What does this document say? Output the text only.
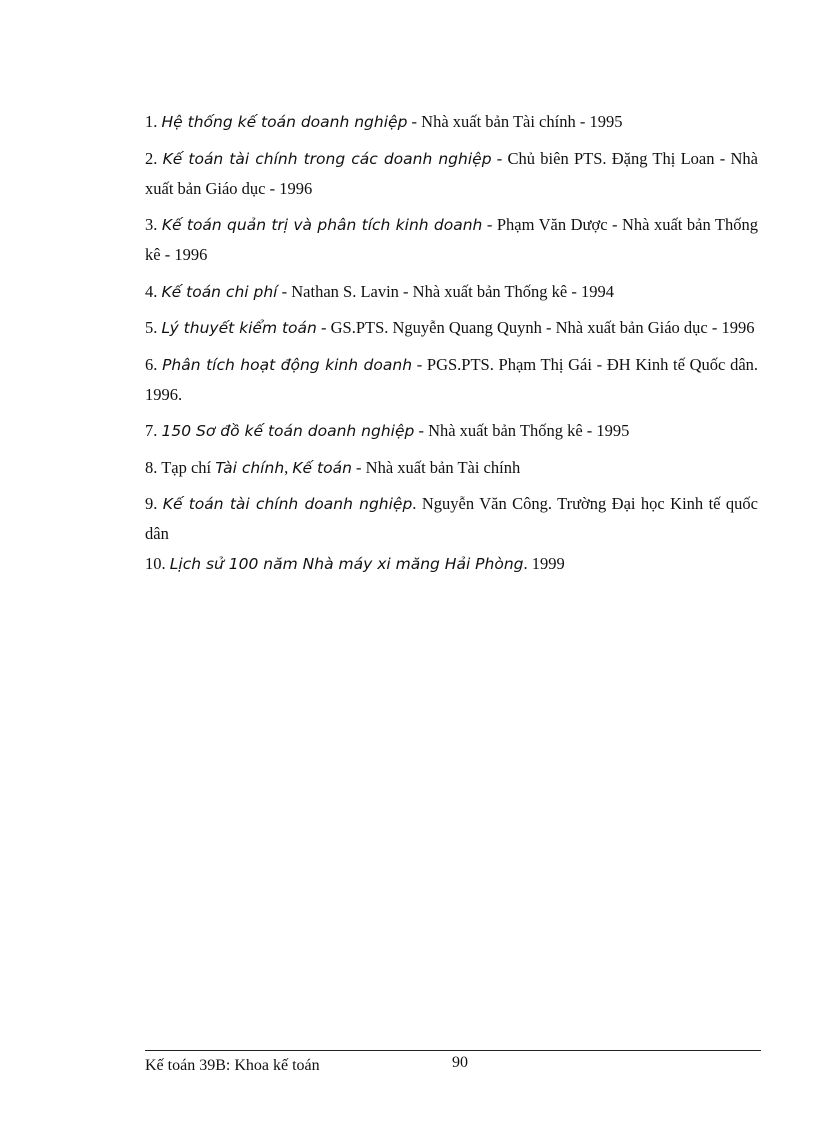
1. Hệ thống kế toán doanh nghiệp - Nhà xuất bản Tài chính - 1995

2. Kế toán tài chính trong các doanh nghiệp - Chủ biên PTS. Đặng Thị Loan - Nhà xuất bản Giáo dục - 1996

3. Kế toán quản trị và phân tích kinh doanh - Phạm Văn Dược - Nhà xuất bản Thống kê - 1996

4. Kế toán chi phí - Nathan S. Lavin - Nhà xuất bản Thống kê - 1994

5. Lý thuyết kiểm toán - GS.PTS. Nguyễn Quang Quynh - Nhà xuất bản Giáo dục - 1996

6. Phân tích hoạt động kinh doanh - PGS.PTS. Phạm Thị Gái - ĐH Kinh tế Quốc dân. 1996.

7. 150 Sơ đồ kế toán doanh nghiệp - Nhà xuất bản Thống kê - 1995

8. Tạp chí Tài chính, Kế toán - Nhà xuất bản Tài chính

9. Kế toán tài chính doanh nghiệp. Nguyễn Văn Công. Trường Đại học Kinh tế quốc dân

10. Lịch sử 100 năm Nhà máy xi măng Hải Phòng. 1999

Kế toán 39B: Khoa kế toán	90
